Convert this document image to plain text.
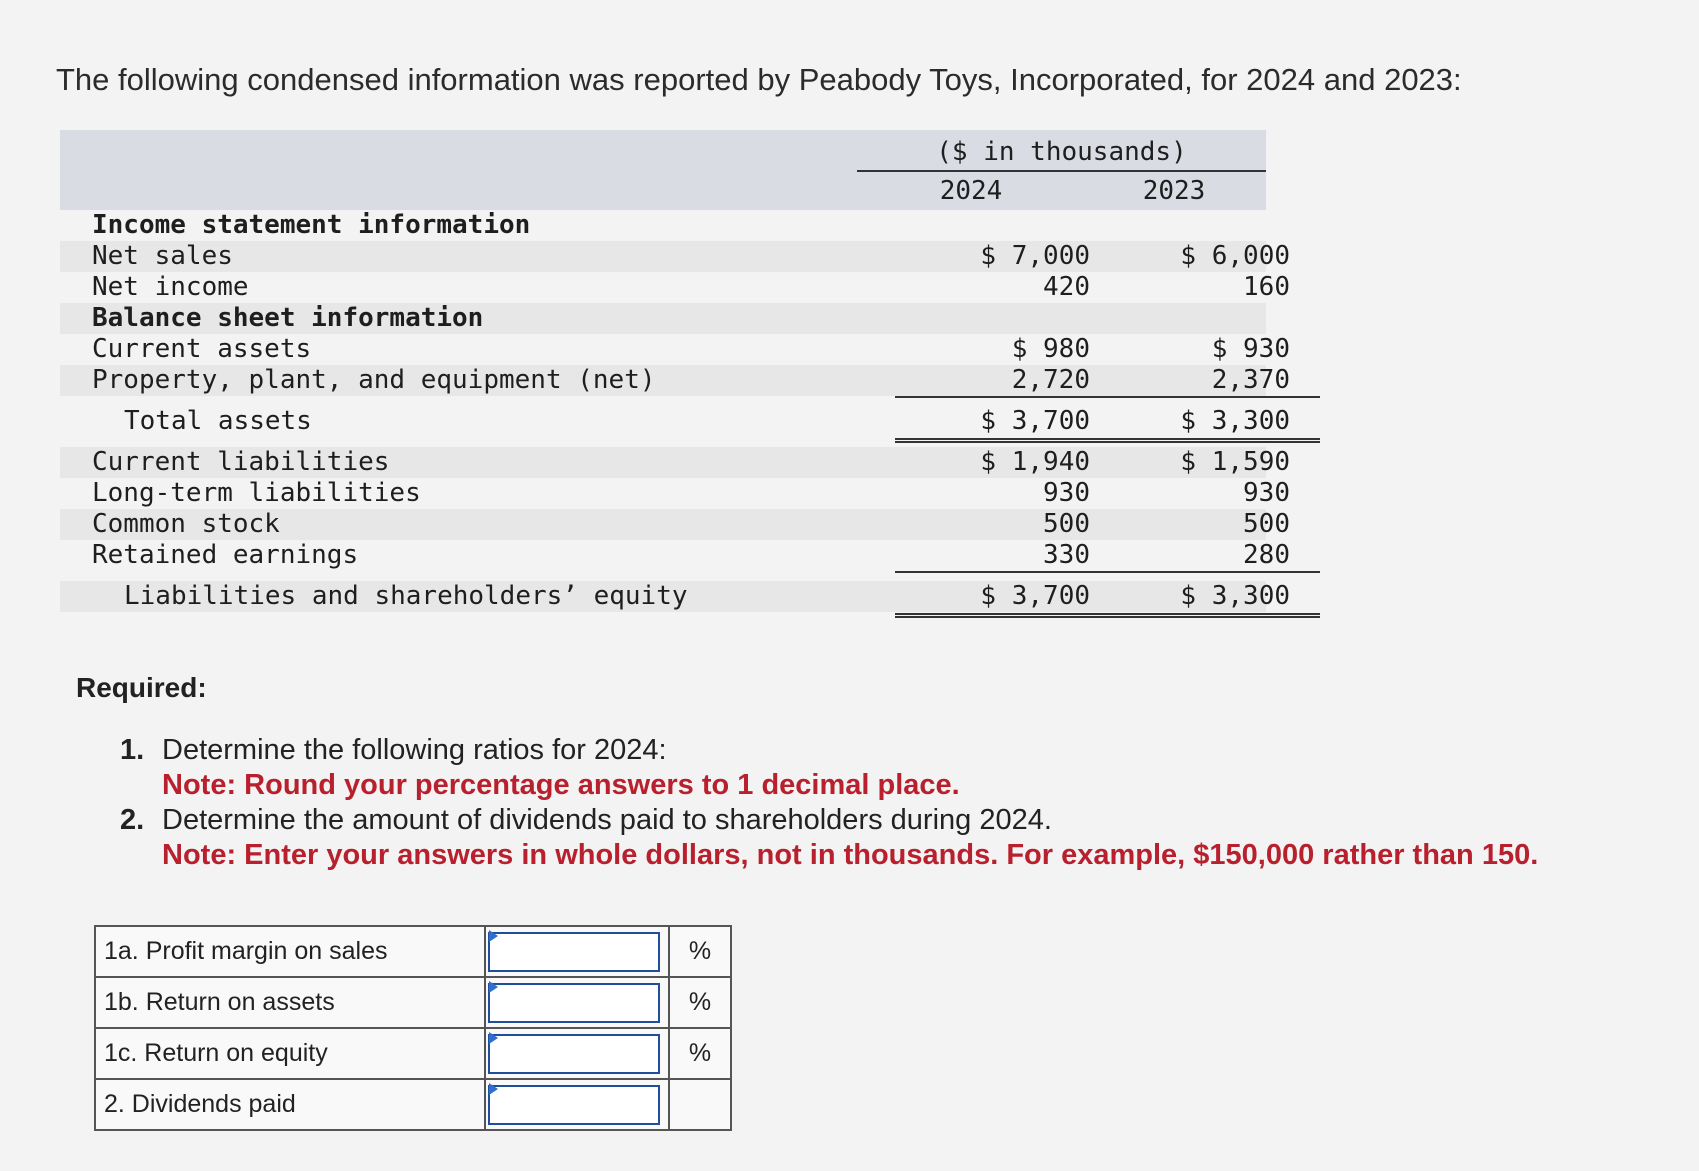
The following condensed information was reported by Peabody Toys, Incorporated, for 2024 and 2023:
($ in thousands)
2024	2023
Income statement information
Net sales	$ 7,000	$ 6,000
Net income	420	160
Balance sheet information
Current assets	$ 980	$ 930
Property, plant, and equipment (net)	2,720	2,370
Total assets	$ 3,700	$ 3,300
Current liabilities	$ 1,940	$ 1,590
Long-term liabilities	930	930
Common stock	500	500
Retained earnings	330	280
Liabilities and shareholders’ equity	$ 3,700	$ 3,300
Required:
1. Determine the following ratios for 2024:
Note: Round your percentage answers to 1 decimal place.
2. Determine the amount of dividends paid to shareholders during 2024.
Note: Enter your answers in whole dollars, not in thousands. For example, $150,000 rather than 150.
1a. Profit margin on sales		%
1b. Return on assets		%
1c. Return on equity		%
2. Dividends paid	
